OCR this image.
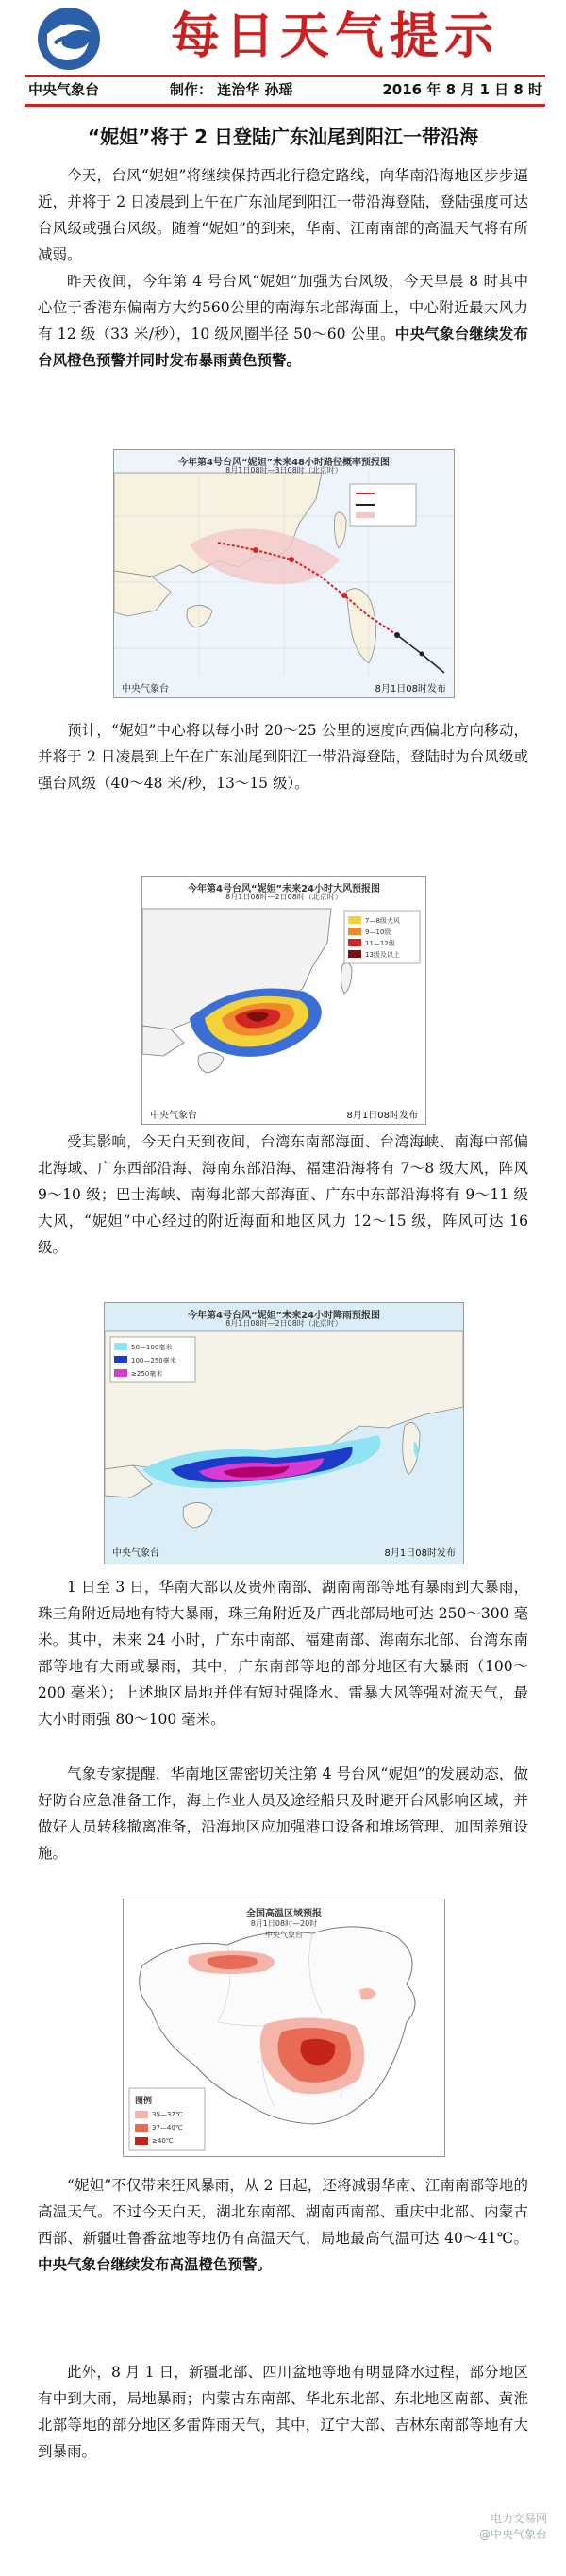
每日天气提示
中央气象台	制作： 连治华 孙瑶	2016 年 8 月 1 日 8 时
“妮妲”将于 2 日登陆广东汕尾到阳江一带沿海

今天，台风“妮妲”将继续保持西北行稳定路线，向华南沿海地区步步逼近，并将于 2 日凌晨到上午在广东汕尾到阳江一带沿海登陆，登陆强度可达台风级或强台风级。随着“妮妲”的到来，华南、江南南部的高温天气将有所减弱。

昨天夜间，今年第 4 号台风“妮妲”加强为台风级，今天早晨 8 时其中心位于香港东偏南方大约560公里的南海东北部海面上，中心附近最大风力有 12 级（33 米/秒），10 级风圈半径 50～60 公里。中央气象台继续发布台风橙色预警并同时发布暴雨黄色预警。

今年第4号台风“妮妲”未来48小时路径概率预报图
8月1日08时—3日08时（北京时）
中央气象台	8月1日08时发布

预计，“妮妲”中心将以每小时 20～25 公里的速度向西偏北方向移动，并将于 2 日凌晨到上午在广东汕尾到阳江一带沿海登陆，登陆时为台风级或强台风级（40～48 米/秒，13～15 级）。

今年第4号台风“妮妲”未来24小时大风预报图
8月1日08时—2日08时（北京时）
7—8级大风
9—10级
11—12级
13级及以上
中央气象台	8月1日08时发布

受其影响，今天白天到夜间，台湾东南部海面、台湾海峡、南海中部偏北海域、广东西部沿海、海南东部沿海、福建沿海将有 7～8 级大风，阵风 9～10 级；巴士海峡、南海北部大部海面、广东中东部沿海将有 9～11 级大风，“妮妲”中心经过的附近海面和地区风力 12～15 级，阵风可达 16 级。

今年第4号台风“妮妲”未来24小时降雨预报图
8月1日08时—2日08时（北京时）
50—100毫米
100—250毫米
≥250毫米
中央气象台	8月1日08时发布

1 日至 3 日，华南大部以及贵州南部、湖南南部等地有暴雨到大暴雨，珠三角附近局地有特大暴雨，珠三角附近及广西北部局地可达 250～300 毫米。其中，未来 24 小时，广东中南部、福建南部、海南东北部、台湾东南部等地有大雨或暴雨，其中，广东南部等地的部分地区有大暴雨（100～200 毫米）；上述地区局地并伴有短时强降水、雷暴大风等强对流天气，最大小时雨强 80～100 毫米。

气象专家提醒，华南地区需密切关注第 4 号台风“妮妲”的发展动态，做好防台应急准备工作，海上作业人员及途经船只及时避开台风影响区域，并做好人员转移撤离准备，沿海地区应加强港口设备和堆场管理、加固养殖设施。

全国高温区域预报
8月1日08时—20时
中央气象台
图例
35—37℃
37—40℃
≥40℃

“妮妲”不仅带来狂风暴雨，从 2 日起，还将减弱华南、江南南部等地的高温天气。不过今天白天，湖北东南部、湖南西南部、重庆中北部、内蒙古西部、新疆吐鲁番盆地等地仍有高温天气，局地最高气温可达 40～41℃。中央气象台继续发布高温橙色预警。

此外，8 月 1 日，新疆北部、四川盆地等地有明显降水过程，部分地区有中到大雨，局地暴雨；内蒙古东南部、华北东北部、东北地区南部、黄淮北部等地的部分地区多雷阵雨天气，其中，辽宁大部、吉林东南部等地有大到暴雨。

电力交易网
@中央气象台
